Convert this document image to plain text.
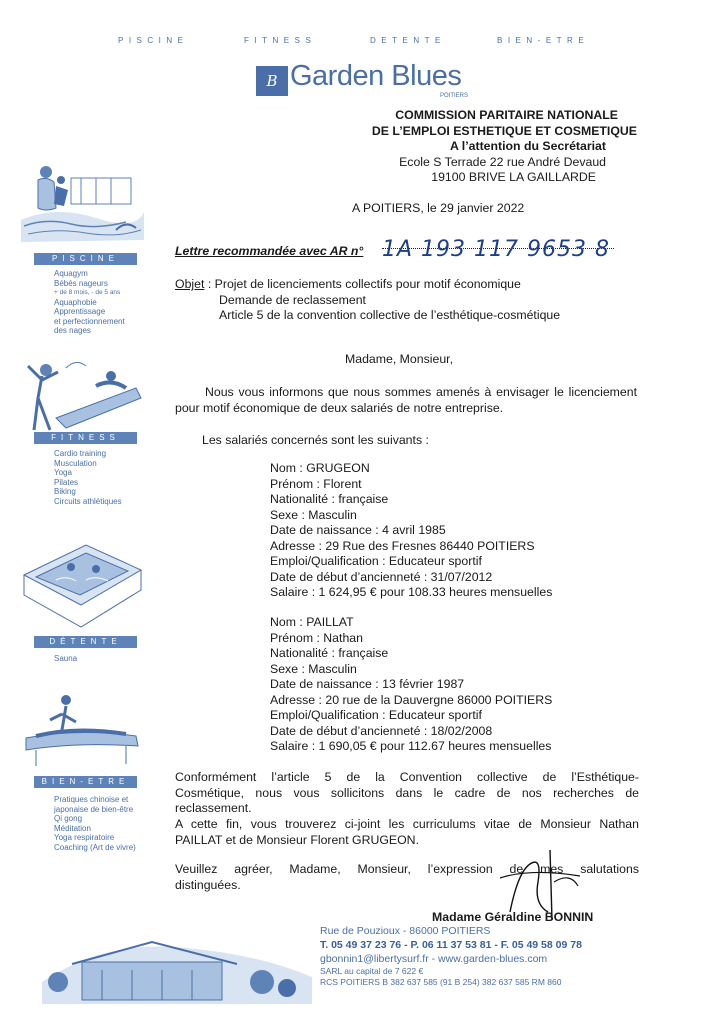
PISCINE	FITNESS	DETENTE	BIEN-ETRE
B Garden Blues
POITIERS
COMMISSION PARITAIRE NATIONALE
DE L’EMPLOI ESTHETIQUE ET COSMETIQUE
A l’attention du Secrétariat
Ecole S Terrade 22 rue André Devaud
19100 BRIVE LA GAILLARDE
PISCINE
Aquagym
Bébés nageurs
+ de 8 mois, - de 5 ans
Aquaphobie
Apprentissage
et perfectionnement
des nages
FITNESS
Cardio training
Musculation
Yoga
Pilates
Biking
Circuits athlétiques
DÉTENTE
Sauna
BIEN-ETRE
Pratiques chinoise et
japonaise de bien-être
Qi gong
Méditation
Yoga respiratoire
Coaching (Art de vivre)
A POITIERS, le 29 janvier 2022
Lettre recommandée avec AR n° 1A 193 117 9653 8
Objet : Projet de licenciements collectifs pour motif économique
Demande de reclassement
Article 5 de la convention collective de l’esthétique-cosmétique
Madame, Monsieur,
Nous vous informons que nous sommes amenés à envisager le licenciement pour motif économique de deux salariés de notre entreprise.
Les salariés concernés sont les suivants :
Nom : GRUGEON
Prénom : Florent
Nationalité : française
Sexe : Masculin
Date de naissance : 4 avril 1985
Adresse : 29 Rue des Fresnes 86440 POITIERS
Emploi/Qualification : Educateur sportif
Date de début d’ancienneté : 31/07/2012
Salaire : 1 624,95 € pour 108.33 heures mensuelles
Nom : PAILLAT
Prénom : Nathan
Nationalité : française
Sexe : Masculin
Date de naissance : 13 février 1987
Adresse : 20 rue de la Dauvergne 86000 POITIERS
Emploi/Qualification : Educateur sportif
Date de début d’ancienneté : 18/02/2008
Salaire : 1 690,05 € pour 112.67 heures mensuelles
Conformément l’article 5 de la Convention collective de l’Esthétique-
Cosmétique, nous vous sollicitons dans le cadre de nos recherches de
reclassement.
A cette fin, vous trouverez ci-joint les curriculums vitae de Monsieur Nathan
PAILLAT et de Monsieur Florent GRUGEON.
Veuillez agréer, Madame, Monsieur, l’expression de mes salutations
distinguées.
Madame Géraldine BONNIN
Rue de Pouzioux - 86000 POITIERS
T. 05 49 37 23 76 - P. 06 11 37 53 81 - F. 05 49 58 09 78
gbonnin1@libertysurf.fr - www.garden-blues.com
SARL au capital de 7 622 €
RCS POITIERS B 382 637 585 (91 B 254) 382 637 585 RM 860
